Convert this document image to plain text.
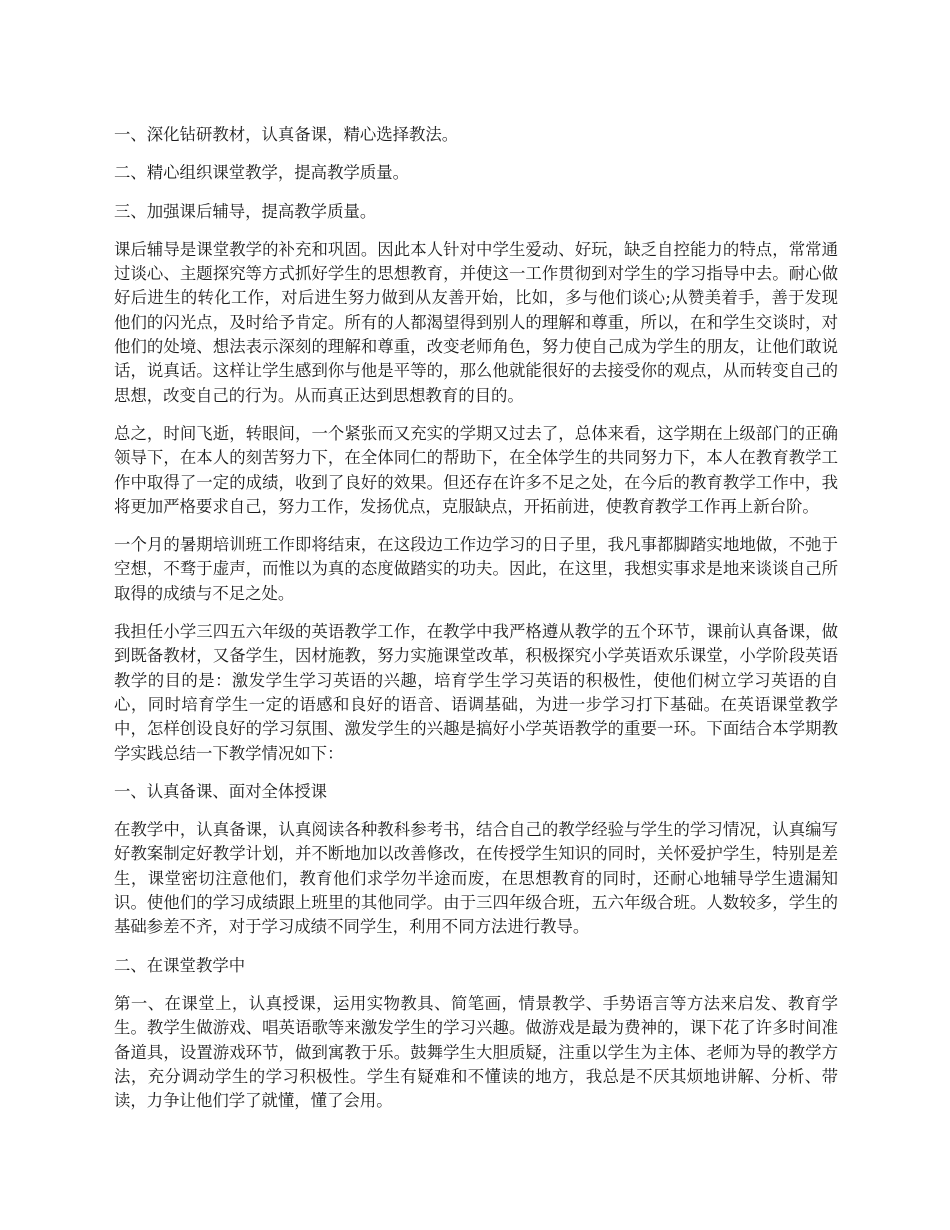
一、深化钻研教材，认真备课，精心选择教法。

二、精心组织课堂教学，提高教学质量。

三、加强课后辅导，提高教学质量。

课后辅导是课堂教学的补充和巩固。因此本人针对中学生爱动、好玩，缺乏自控能力的特点，常常通过谈心、主题探究等方式抓好学生的思想教育，并使这一工作贯彻到对学生的学习指导中去。耐心做好后进生的转化工作，对后进生努力做到从友善开始，比如，多与他们谈心;从赞美着手，善于发现他们的闪光点，及时给予肯定。所有的人都渴望得到别人的理解和尊重，所以，在和学生交谈时，对他们的处境、想法表示深刻的理解和尊重，改变老师角色，努力使自己成为学生的朋友，让他们敢说话，说真话。这样让学生感到你与他是平等的，那么他就能很好的去接受你的观点，从而转变自己的思想，改变自己的行为。从而真正达到思想教育的目的。

总之，时间飞逝，转眼间，一个紧张而又充实的学期又过去了，总体来看，这学期在上级部门的正确领导下，在本人的刻苦努力下，在全体同仁的帮助下，在全体学生的共同努力下，本人在教育教学工作中取得了一定的成绩，收到了良好的效果。但还存在许多不足之处，在今后的教育教学工作中，我将更加严格要求自己，努力工作，发扬优点，克服缺点，开拓前进，使教育教学工作再上新台阶。

一个月的暑期培训班工作即将结束，在这段边工作边学习的日子里，我凡事都脚踏实地地做，不弛于空想，不骛于虚声，而惟以为真的态度做踏实的功夫。因此，在这里，我想实事求是地来谈谈自己所取得的成绩与不足之处。

我担任小学三四五六年级的英语教学工作，在教学中我严格遵从教学的五个环节，课前认真备课，做到既备教材，又备学生，因材施教，努力实施课堂改革，积极探究小学英语欢乐课堂，小学阶段英语教学的目的是：激发学生学习英语的兴趣，培育学生学习英语的积极性，使他们树立学习英语的自心，同时培育学生一定的语感和良好的语音、语调基础，为进一步学习打下基础。在英语课堂教学中，怎样创设良好的学习氛围、激发学生的兴趣是搞好小学英语教学的重要一环。下面结合本学期教学实践总结一下教学情况如下：

一、认真备课、面对全体授课

在教学中，认真备课，认真阅读各种教科参考书，结合自己的教学经验与学生的学习情况，认真编写好教案制定好教学计划，并不断地加以改善修改，在传授学生知识的同时，关怀爱护学生，特别是差生，课堂密切注意他们，教育他们求学勿半途而废，在思想教育的同时，还耐心地辅导学生遗漏知识。使他们的学习成绩跟上班里的其他同学。由于三四年级合班，五六年级合班。人数较多，学生的基础参差不齐，对于学习成绩不同学生，利用不同方法进行教导。

二、在课堂教学中

第一、在课堂上，认真授课，运用实物教具、简笔画，情景教学、手势语言等方法来启发、教育学生。教学生做游戏、唱英语歌等来激发学生的学习兴趣。做游戏是最为费神的，课下花了许多时间准备道具，设置游戏环节，做到寓教于乐。鼓舞学生大胆质疑，注重以学生为主体、老师为导的教学方法，充分调动学生的学习积极性。学生有疑难和不懂读的地方，我总是不厌其烦地讲解、分析、带读，力争让他们学了就懂，懂了会用。
